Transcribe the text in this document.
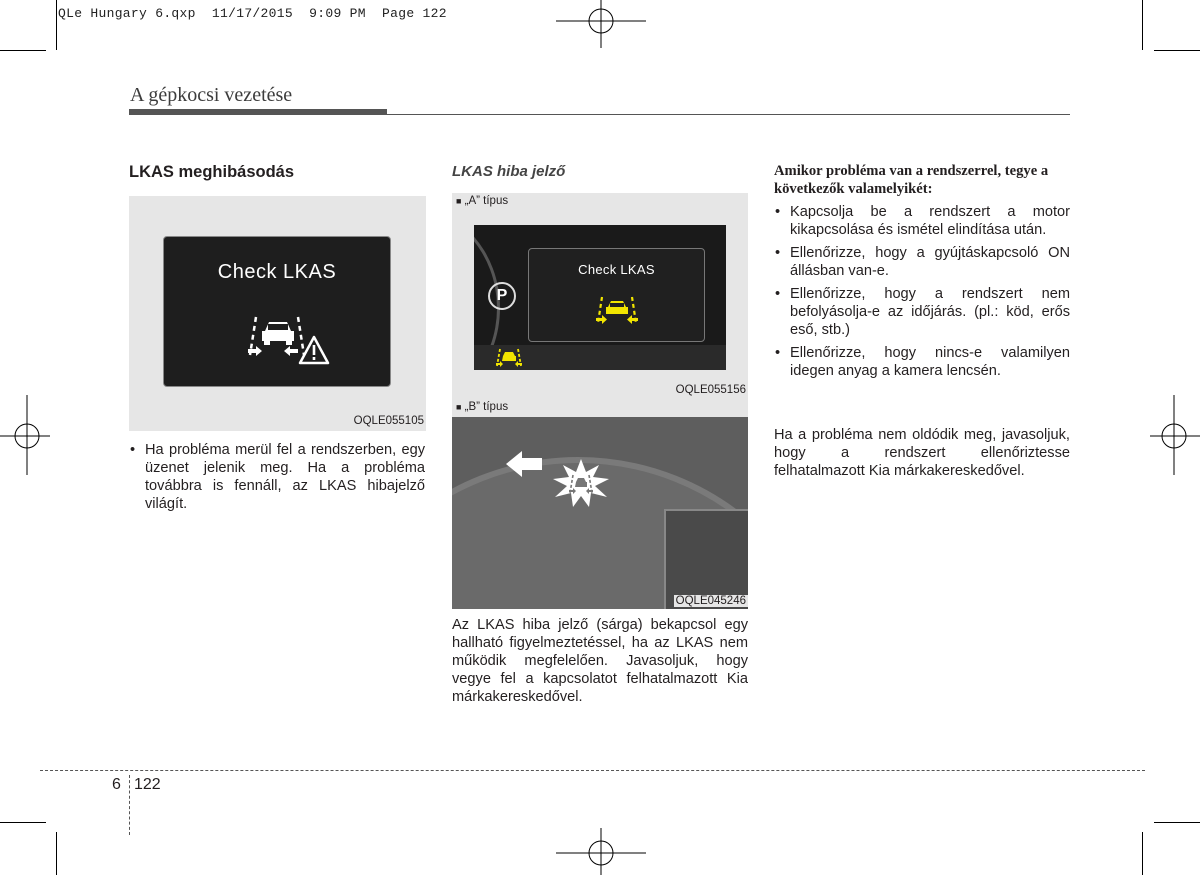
QLe Hungary 6.qxp  11/17/2015  9:09 PM  Page 122
A gépkocsi vezetése
LKAS meghibásodás
Check LKAS
OQLE055105
• Ha probléma merül fel a rendszerben, egy üzenet jelenik meg. Ha a probléma továbbra is fennáll, az LKAS hibajelző világít.
LKAS hiba jelző
■ „A” típus
P
Check LKAS
OQLE055156
■ „B” típus
OQLE045246
Az LKAS hiba jelző (sárga) bekapcsol egy hallható figyelmeztetéssel, ha az LKAS nem működik megfelelően. Javasoljuk, hogy vegye fel a kapcsolatot felhatalmazott Kia márkakereskedővel.
Amikor probléma van a rendszerrel, tegye a következők valamelyikét:
• Kapcsolja be a rendszert a motor kikapcsolása és ismétel elindítása után.
• Ellenőrizze, hogy a gyújtáskapcsoló ON állásban van-e.
• Ellenőrizze, hogy a rendszert nem befolyásolja-e az időjárás. (pl.: köd, erős eső, stb.)
• Ellenőrizze, hogy nincs-e valamilyen idegen anyag a kamera lencsén.
Ha a probléma nem oldódik meg, javasoljuk, hogy a rendszert ellenőriztesse felhatalmazott Kia márkakereskedővel.
6 122
